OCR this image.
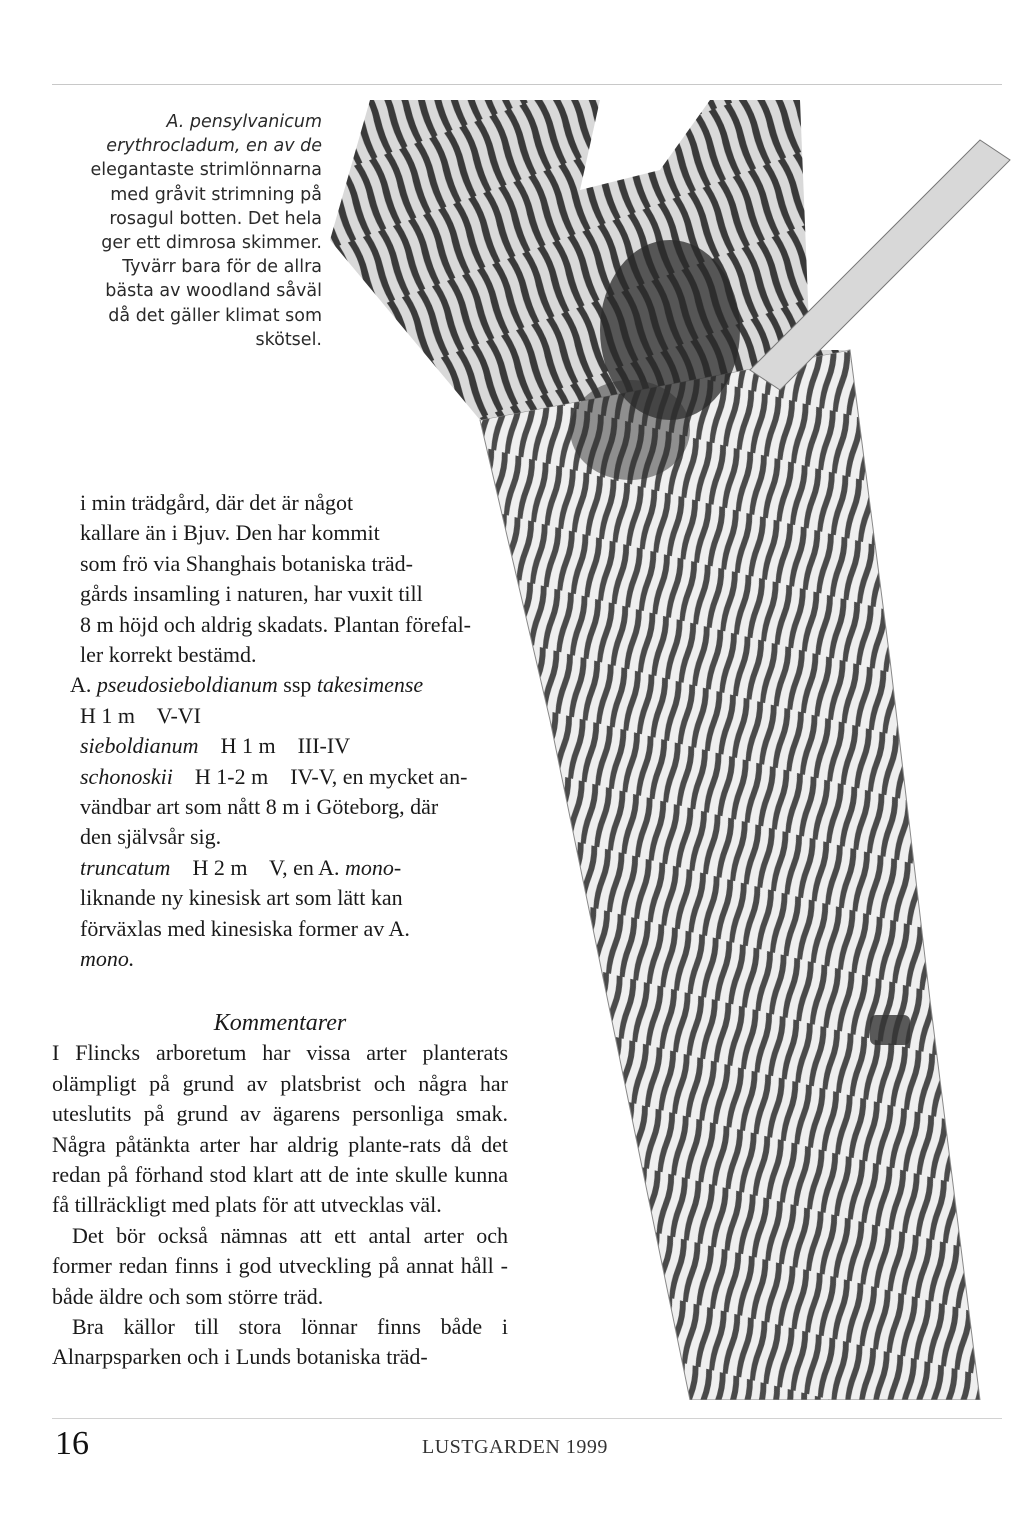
A. pensylvanicum

erythrocladum, en av de

elegantaste strimlönnarna

med gråvit strimning på

rosagul botten. Det hela

ger ett dimrosa skimmer.

Tyvärr bara för de allra

bästa av woodland såväl

då det gäller klimat som

skötsel.

i min trädgård, där det är något

kallare än i Bjuv. Den har kommit

som frö via Shanghais botaniska träd-

gårds insamling i naturen, har vuxit till

8 m höjd och aldrig skadats. Plantan förefal-

ler korrekt bestämd.

A. pseudosieboldianum ssp takesimense

H 1 m    V-VI

sieboldianum    H 1 m    III-IV

schonoskii    H 1-2 m    IV-V, en mycket an-

vändbar art som nått 8 m i Göteborg, där

den självsår sig.

truncatum    H 2 m    V, en A. mono-

liknande ny kinesisk art som lätt kan

förväxlas med kinesiska former av A.

mono.

Kommentarer

I Flincks arboretum har vissa arter planterats olämpligt på grund av platsbrist och några har uteslutits på grund av ägarens personliga smak. Några påtänkta arter har aldrig plante-rats då det redan på förhand stod klart att de inte skulle kunna få tillräckligt med plats för att utvecklas väl.

Det bör också nämnas att ett antal arter och former redan finns i god utveckling på annat håll - både äldre och som större träd.

Bra källor till stora lönnar finns både i Alnarpsparken och i Lunds botaniska träd-

16	LUSTGARDEN 1999
